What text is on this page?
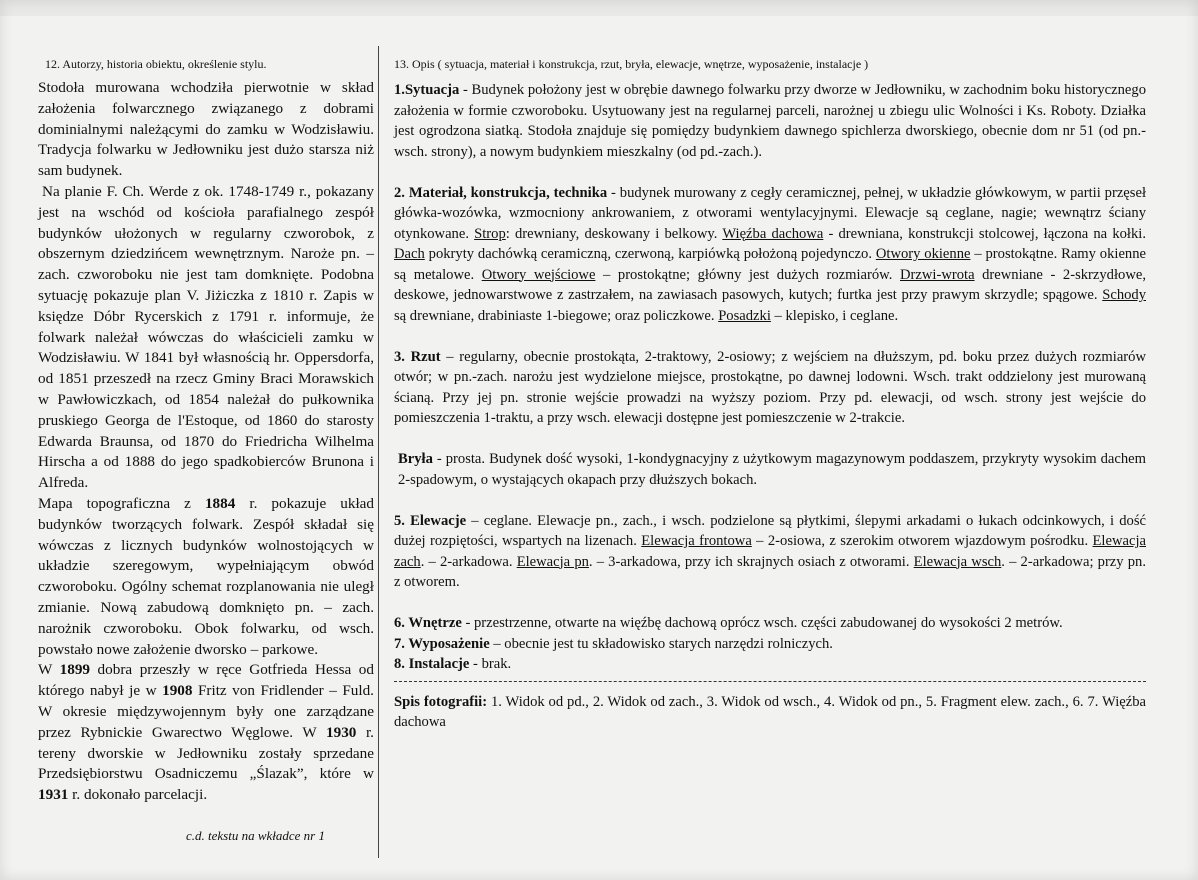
12. Autorzy, historia obiektu, określenie stylu.

Stodoła murowana wchodziła pierwotnie w skład założenia folwarcznego związanego z dobrami dominialnymi należącymi do zamku w Wodzisławiu. Tradycja folwarku w Jedłowniku jest dużo starsza niż sam budynek.

Na planie F. Ch. Werde z ok. 1748-1749 r., pokazany jest na wschód od kościoła parafialnego zespół budynków ułożonych w regularny czworobok, z obszernym dziedzińcem wewnętrznym. Naroże pn. – zach. czworoboku nie jest tam domknięte. Podobna sytuację pokazuje plan V. Jiżiczka z 1810 r. Zapis w księdze Dóbr Rycerskich z 1791 r. informuje, że folwark należał wówczas do właścicieli zamku w Wodzisławiu. W 1841 był własnością hr. Oppersdorfa, od 1851 przeszedł na rzecz Gminy Braci Morawskich w Pawłowiczkach, od 1854 należał do pułkownika pruskiego Georga de l'Estoque, od 1860 do starosty Edwarda Braunsa, od 1870 do Friedricha Wilhelma Hirscha a od 1888 do jego spadkobierców Brunona i Alfreda.

Mapa topograficzna z 1884 r. pokazuje układ budynków tworzących folwark. Zespół składał się wówczas z licznych budynków wolnostojących w układzie szeregowym, wypełniającym obwód czworoboku. Ogólny schemat rozplanowania nie uległ zmianie. Nową zabudową domknięto pn. – zach. narożnik czworoboku. Obok folwarku, od wsch. powstało nowe założenie dworsko – parkowe.

W 1899 dobra przeszły w ręce Gotfrieda Hessa od którego nabył je w 1908 Fritz von Fridlender – Fuld. W okresie międzywojennym były one zarządzane przez Rybnickie Gwarectwo Węglowe. W 1930 r. tereny dworskie w Jedłowniku zostały sprzedane Przedsiębiorstwu Osadniczemu „Ślazak”, które w 1931 r. dokonało parcelacji.

c.d. tekstu na wkładce nr 1
13. Opis ( sytuacja, materiał i konstrukcja, rzut, bryła, elewacje, wnętrze, wyposażenie, instalacje )

1.Sytuacja - Budynek położony jest w obrębie dawnego folwarku przy dworze w Jedłowniku, w zachodnim boku historycznego założenia w formie czworoboku. Usytuowany jest na regularnej parceli, narożnej u zbiegu ulic Wolności i Ks. Roboty. Działka jest ogrodzona siatką. Stodoła znajduje się pomiędzy budynkiem dawnego spichlerza dworskiego, obecnie dom nr 51 (od pn.-wsch. strony), a nowym budynkiem mieszkalny (od pd.-zach.).

2. Materiał, konstrukcja, technika - budynek murowany z cegły ceramicznej, pełnej, w układzie główkowym, w partii przęseł główka-wozówka, wzmocniony ankrowaniem, z otworami wentylacyjnymi. Elewacje są ceglane, nagie; wewnątrz ściany otynkowane. Strop: drewniany, deskowany i belkowy. Więźba dachowa - drewniana, konstrukcji stolcowej, łączona na kołki. Dach pokryty dachówką ceramiczną, czerwoną, karpiówką położoną pojedynczo. Otwory okienne – prostokątne. Ramy okienne są metalowe. Otwory wejściowe – prostokątne; główny jest dużych rozmiarów. Drzwi-wrota drewniane - 2-skrzydłowe, deskowe, jednowarstwowe z zastrzałem, na zawiasach pasowych, kutych; furtka jest przy prawym skrzydle; spągowe. Schody są drewniane, drabiniaste 1-biegowe; oraz policzkowe. Posadzki – klepisko, i ceglane.

3. Rzut – regularny, obecnie prostokąta, 2-traktowy, 2-osiowy; z wejściem na dłuższym, pd. boku przez dużych rozmiarów otwór; w pn.-zach. narożu jest wydzielone miejsce, prostokątne, po dawnej lodowni. Wsch. trakt oddzielony jest murowaną ścianą. Przy jej pn. stronie wejście prowadzi na wyższy poziom. Przy pd. elewacji, od wsch. strony jest wejście do pomieszczenia 1-traktu, a przy wsch. elewacji dostępne jest pomieszczenie w 2-trakcie.

Bryła - prosta. Budynek dość wysoki, 1-kondygnacyjny z użytkowym magazynowym poddaszem, przykryty wysokim dachem 2-spadowym, o wystających okapach przy dłuższych bokach.

5. Elewacje – ceglane. Elewacje pn., zach., i wsch. podzielone są płytkimi, ślepymi arkadami o łukach odcinkowych, i dość dużej rozpiętości, wspartych na lizenach. Elewacja frontowa – 2-osiowa, z szerokim otworem wjazdowym pośrodku. Elewacja zach. – 2-arkadowa. Elewacja pn. – 3-arkadowa, przy ich skrajnych osiach z otworami. Elewacja wsch. – 2-arkadowa; przy pn. z otworem.

6. Wnętrze - przestrzenne, otwarte na więźbę dachową oprócz wsch. części zabudowanej do wysokości 2 metrów.

7. Wyposażenie – obecnie jest tu składowisko starych narzędzi rolniczych.

8. Instalacje - brak.

Spis fotografii: 1. Widok od pd., 2. Widok od zach., 3. Widok od wsch., 4. Widok od pn., 5. Fragment elew. zach., 6. 7. Więźba dachowa
